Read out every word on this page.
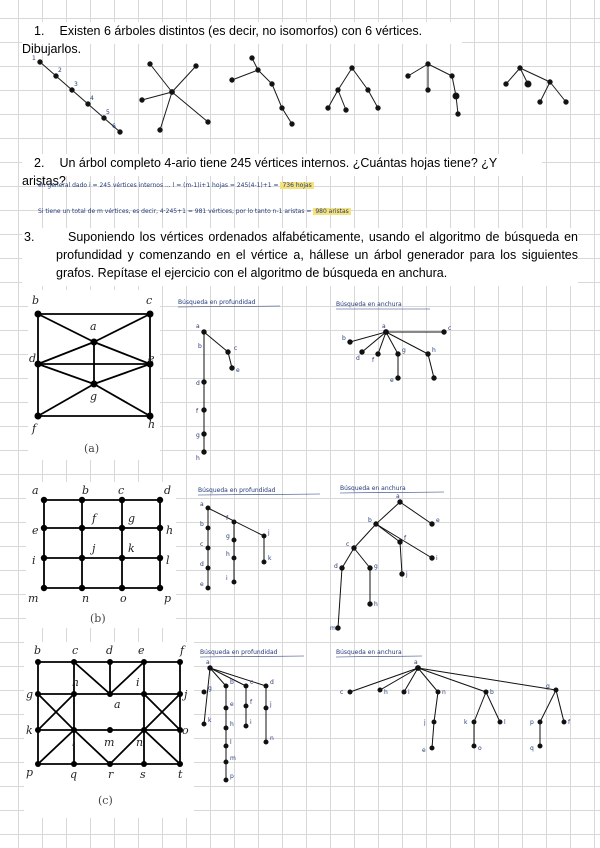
1. Existen 6 árboles distintos (es decir, no isomorfos) con 6 vértices. Dibujarlos.
1
2
3
4
5
6
2. Un árbol completo 4-ario tiene 245 vértices internos. ¿Cuántas hojas tiene? ¿Y aristas?
en general dado i = 245 vértices internos ... l = (m-1)i+1 hojas = 245(4-1)+1 = 736 hojas
Si tiene un total de m vértices, es decir, 4·245+1 = 981 vértices, por lo tanto n-1 aristas = 980 aristas

3.	Suponiendo los vértices ordenados alfabéticamente, usando el algoritmo de búsqueda en profundidad y comenzando en el vértice a, hállese un árbol generador para los siguientes grafos. Repítase el ejercicio con el algoritmo de búsqueda en anchura.

b	c
a
d	e
g
f	h
(a)
Búsqueda en profundidad	Búsqueda en anchura
a
b	c
e
d
f
g
h
a
b
d f
g	h
c
e
a	b	c	d
e
f	g
h
i
j	k
l
m	n	o	p
(b)
Búsqueda en profundidad	Búsqueda en anchura
a
b
c
d
e
f
g
h
i
j
k
a
b	e
c
f
i
d	g
j
h
m
b	c	d e	f
g
h	i
j
a
k
l	m n
o
p	q	r s	t
(c)
Búsqueda en profundidad	Búsqueda en anchura
a
b	c	d
e	f
g
h	i
j
k
l
m
n
p
a
c	h	i	n	b
g
j	k	l	p	f
e	o	q
